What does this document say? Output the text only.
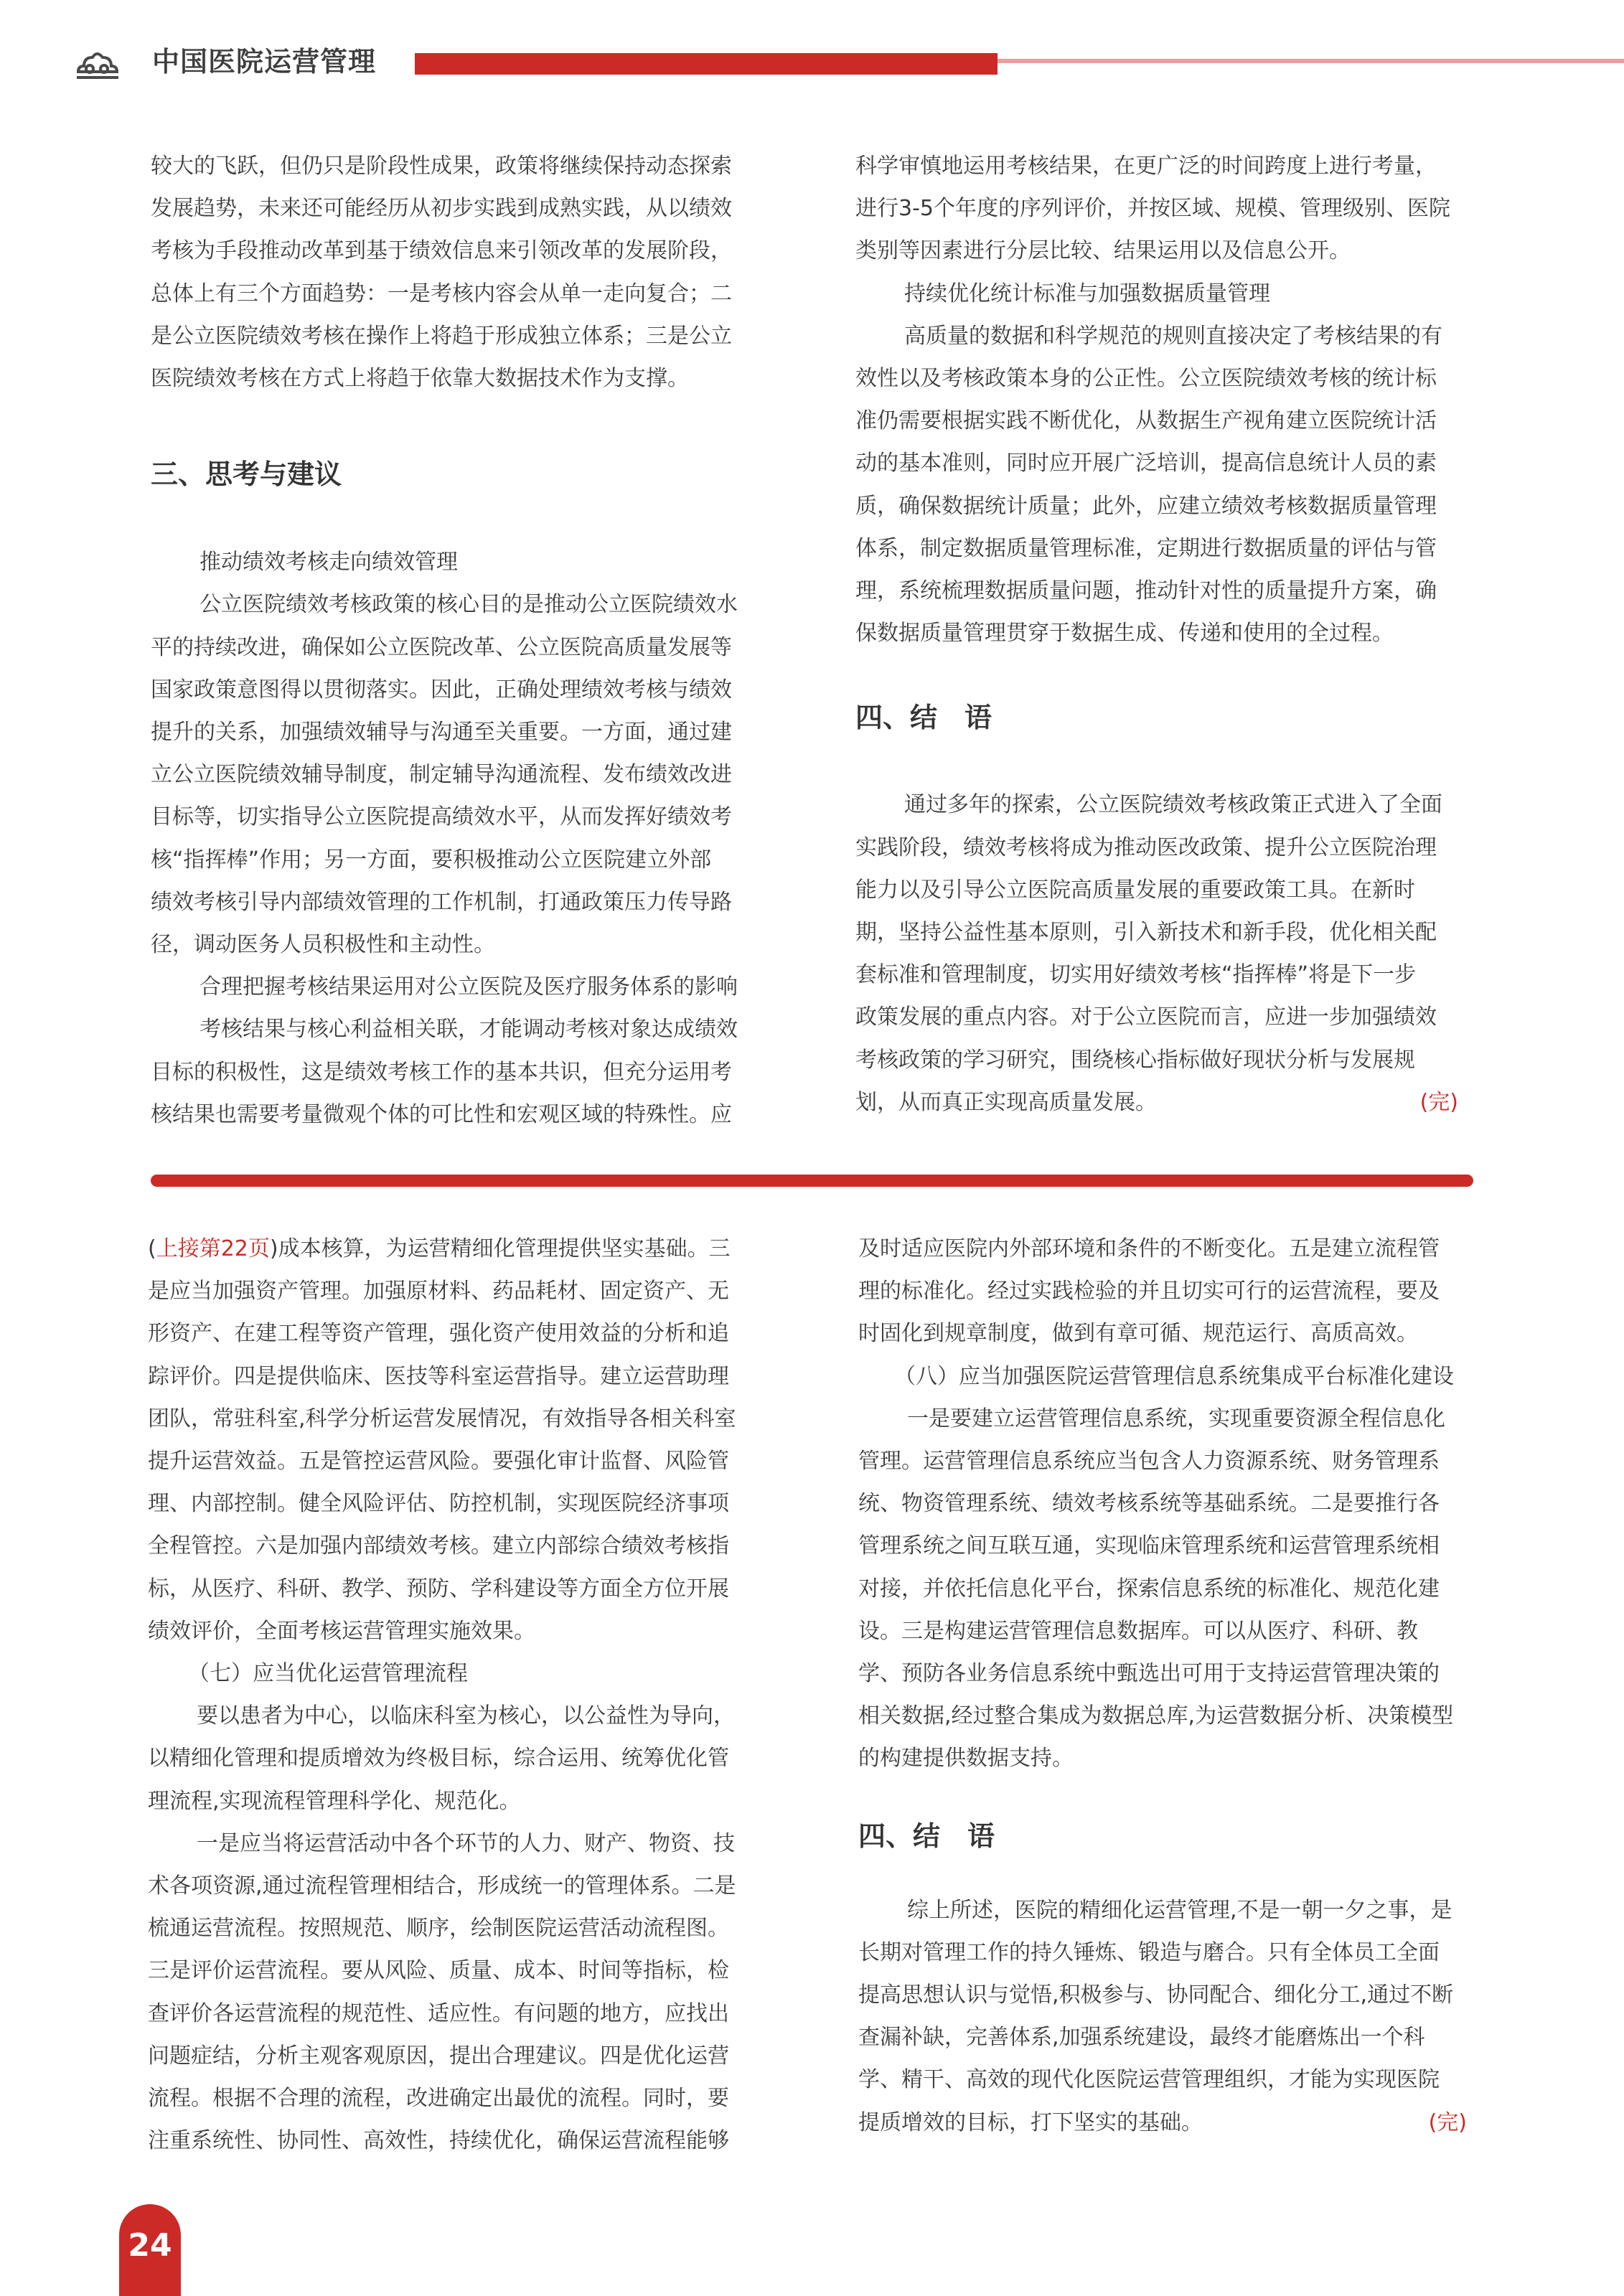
中国医院运营管理
较大的飞跃，但仍只是阶段性成果，政策将继续保持动态探索
发展趋势，未来还可能经历从初步实践到成熟实践，从以绩效
考核为手段推动改革到基于绩效信息来引领改革的发展阶段，
总体上有三个方面趋势：一是考核内容会从单一走向复合；二
是公立医院绩效考核在操作上将趋于形成独立体系；三是公立
医院绩效考核在方式上将趋于依靠大数据技术作为支撑。
三、思考与建议
推动绩效考核走向绩效管理
公立医院绩效考核政策的核心目的是推动公立医院绩效水
平的持续改进，确保如公立医院改革、公立医院高质量发展等
国家政策意图得以贯彻落实。因此，正确处理绩效考核与绩效
提升的关系，加强绩效辅导与沟通至关重要。一方面，通过建
立公立医院绩效辅导制度，制定辅导沟通流程、发布绩效改进
目标等，切实指导公立医院提高绩效水平，从而发挥好绩效考
核“指挥棒”作用；另一方面，要积极推动公立医院建立外部
绩效考核引导内部绩效管理的工作机制，打通政策压力传导路
径，调动医务人员积极性和主动性。
合理把握考核结果运用对公立医院及医疗服务体系的影响
考核结果与核心利益相关联，才能调动考核对象达成绩效
目标的积极性，这是绩效考核工作的基本共识，但充分运用考
核结果也需要考量微观个体的可比性和宏观区域的特殊性。应
科学审慎地运用考核结果，在更广泛的时间跨度上进行考量，
进行3-5个年度的序列评价，并按区域、规模、管理级别、医院
类别等因素进行分层比较、结果运用以及信息公开。
持续优化统计标准与加强数据质量管理
高质量的数据和科学规范的规则直接决定了考核结果的有
效性以及考核政策本身的公正性。公立医院绩效考核的统计标
准仍需要根据实践不断优化，从数据生产视角建立医院统计活
动的基本准则，同时应开展广泛培训，提高信息统计人员的素
质，确保数据统计质量；此外，应建立绩效考核数据质量管理
体系，制定数据质量管理标准，定期进行数据质量的评估与管
理，系统梳理数据质量问题，推动针对性的质量提升方案，确
保数据质量管理贯穿于数据生成、传递和使用的全过程。
四、结　语
通过多年的探索，公立医院绩效考核政策正式进入了全面
实践阶段，绩效考核将成为推动医改政策、提升公立医院治理
能力以及引导公立医院高质量发展的重要政策工具。在新时
期，坚持公益性基本原则，引入新技术和新手段，优化相关配
套标准和管理制度，切实用好绩效考核“指挥棒”将是下一步
政策发展的重点内容。对于公立医院而言，应进一步加强绩效
考核政策的学习研究，围绕核心指标做好现状分析与发展规
划，从而真正实现高质量发展。	(完)
(上接第22页)成本核算，为运营精细化管理提供坚实基础。三
是应当加强资产管理。加强原材料、药品耗材、固定资产、无
形资产、在建工程等资产管理，强化资产使用效益的分析和追
踪评价。四是提供临床、医技等科室运营指导。建立运营助理
团队，常驻科室,科学分析运营发展情况，有效指导各相关科室
提升运营效益。五是管控运营风险。要强化审计监督、风险管
理、内部控制。健全风险评估、防控机制，实现医院经济事项
全程管控。六是加强内部绩效考核。建立内部综合绩效考核指
标，从医疗、科研、教学、预防、学科建设等方面全方位开展
绩效评价，全面考核运营管理实施效果。
（七）应当优化运营管理流程
要以患者为中心，以临床科室为核心，以公益性为导向，
以精细化管理和提质增效为终极目标，综合运用、统筹优化管
理流程,实现流程管理科学化、规范化。
一是应当将运营活动中各个环节的人力、财产、物资、技
术各项资源,通过流程管理相结合，形成统一的管理体系。二是
梳通运营流程。按照规范、顺序，绘制医院运营活动流程图。
三是评价运营流程。要从风险、质量、成本、时间等指标，检
查评价各运营流程的规范性、适应性。有问题的地方，应找出
问题症结，分析主观客观原因，提出合理建议。四是优化运营
流程。根据不合理的流程，改进确定出最优的流程。同时，要
注重系统性、协同性、高效性，持续优化，确保运营流程能够
及时适应医院内外部环境和条件的不断变化。五是建立流程管
理的标准化。经过实践检验的并且切实可行的运营流程，要及
时固化到规章制度，做到有章可循、规范运行、高质高效。
（八）应当加强医院运营管理信息系统集成平台标准化建设
一是要建立运营管理信息系统，实现重要资源全程信息化
管理。运营管理信息系统应当包含人力资源系统、财务管理系
统、物资管理系统、绩效考核系统等基础系统。二是要推行各
管理系统之间互联互通，实现临床管理系统和运营管理系统相
对接，并依托信息化平台，探索信息系统的标准化、规范化建
设。三是构建运营管理信息数据库。可以从医疗、科研、教
学、预防各业务信息系统中甄选出可用于支持运营管理决策的
相关数据,经过整合集成为数据总库,为运营数据分析、决策模型
的构建提供数据支持。
四、结　语
综上所述，医院的精细化运营管理,不是一朝一夕之事，是
长期对管理工作的持久锤炼、锻造与磨合。只有全体员工全面
提高思想认识与觉悟,积极参与、协同配合、细化分工,通过不断
查漏补缺，完善体系,加强系统建设，最终才能磨炼出一个科
学、精干、高效的现代化医院运营管理组织，才能为实现医院
提质增效的目标，打下坚实的基础。	(完)
24
